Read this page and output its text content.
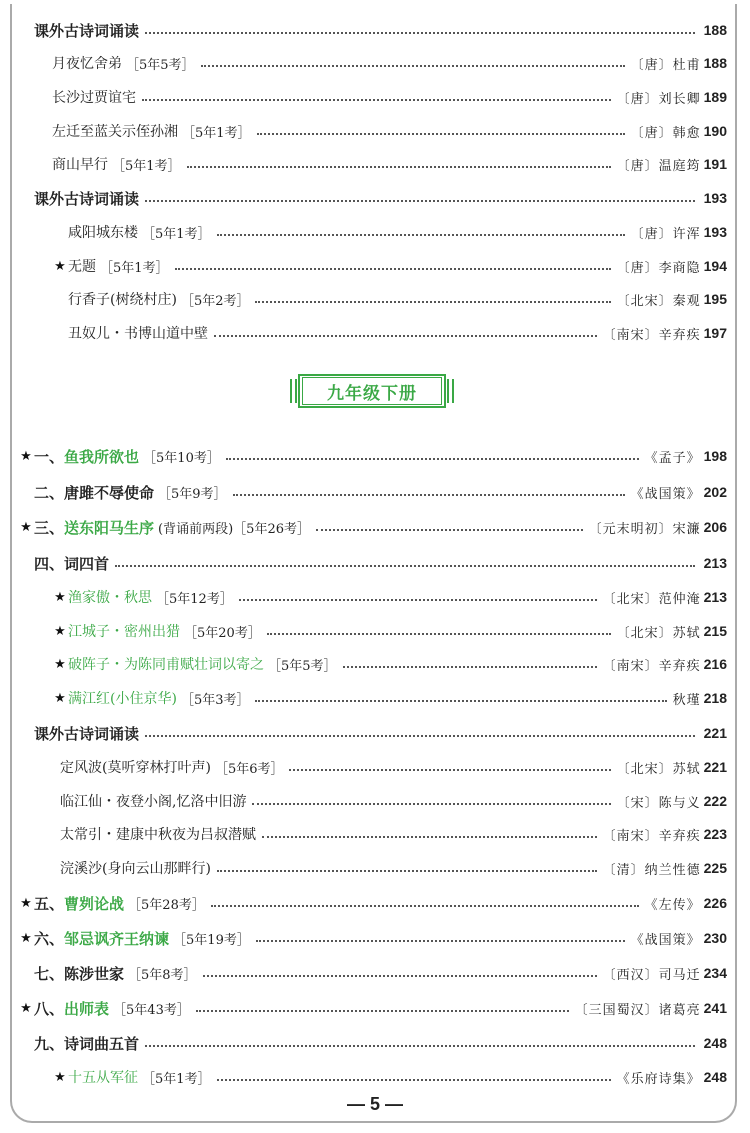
课外古诗词诵读	188
月夜忆舍弟 ［5年5考］	〔唐〕杜甫 188
长沙过贾谊宅	〔唐〕刘长卿 189
左迁至蓝关示侄孙湘 ［5年1考］	〔唐〕韩愈 190
商山早行 ［5年1考］	〔唐〕温庭筠 191
课外古诗词诵读	193
咸阳城东楼 ［5年1考］	〔唐〕许浑 193
★ 无题 ［5年1考］	〔唐〕李商隐 194
行香子(树绕村庄) ［5年2考］	〔北宋〕秦观 195
丑奴儿・书博山道中壁	〔南宋〕辛弃疾 197
★ 一、 鱼我所欲也 ［5年10考］	《孟子》 198
二、唐雎不辱使命 ［5年9考］	《战国策》 202
★ 三、 送东阳马生序 (背诵前两段)［5年26考］	〔元末明初〕宋濂 206
四、词四首	213
★ 渔家傲・秋思 ［5年12考］	〔北宋〕范仲淹 213
★ 江城子・密州出猎 ［5年20考］	〔北宋〕苏轼 215
★ 破阵子・为陈同甫赋壮词以寄之 ［5年5考］	〔南宋〕辛弃疾 216
★ 满江红(小住京华) ［5年3考］	秋瑾 218
课外古诗词诵读	221
定风波(莫听穿林打叶声) ［5年6考］	〔北宋〕苏轼 221
临江仙・夜登小阁,忆洛中旧游	〔宋〕陈与义 222
太常引・建康中秋夜为吕叔潜赋	〔南宋〕辛弃疾 223
浣溪沙(身向云山那畔行)	〔清〕纳兰性德 225
★ 五、 曹刿论战 ［5年28考］	《左传》 226
★ 六、 邹忌讽齐王纳谏 ［5年19考］	《战国策》 230
七、陈涉世家 ［5年8考］	〔西汉〕司马迁 234
★ 八、 出师表 ［5年43考］	〔三国蜀汉〕诸葛亮 241
九、诗词曲五首	248
★ 十五从军征 ［5年1考］	《乐府诗集》 248
九年级下册
— 5 —
